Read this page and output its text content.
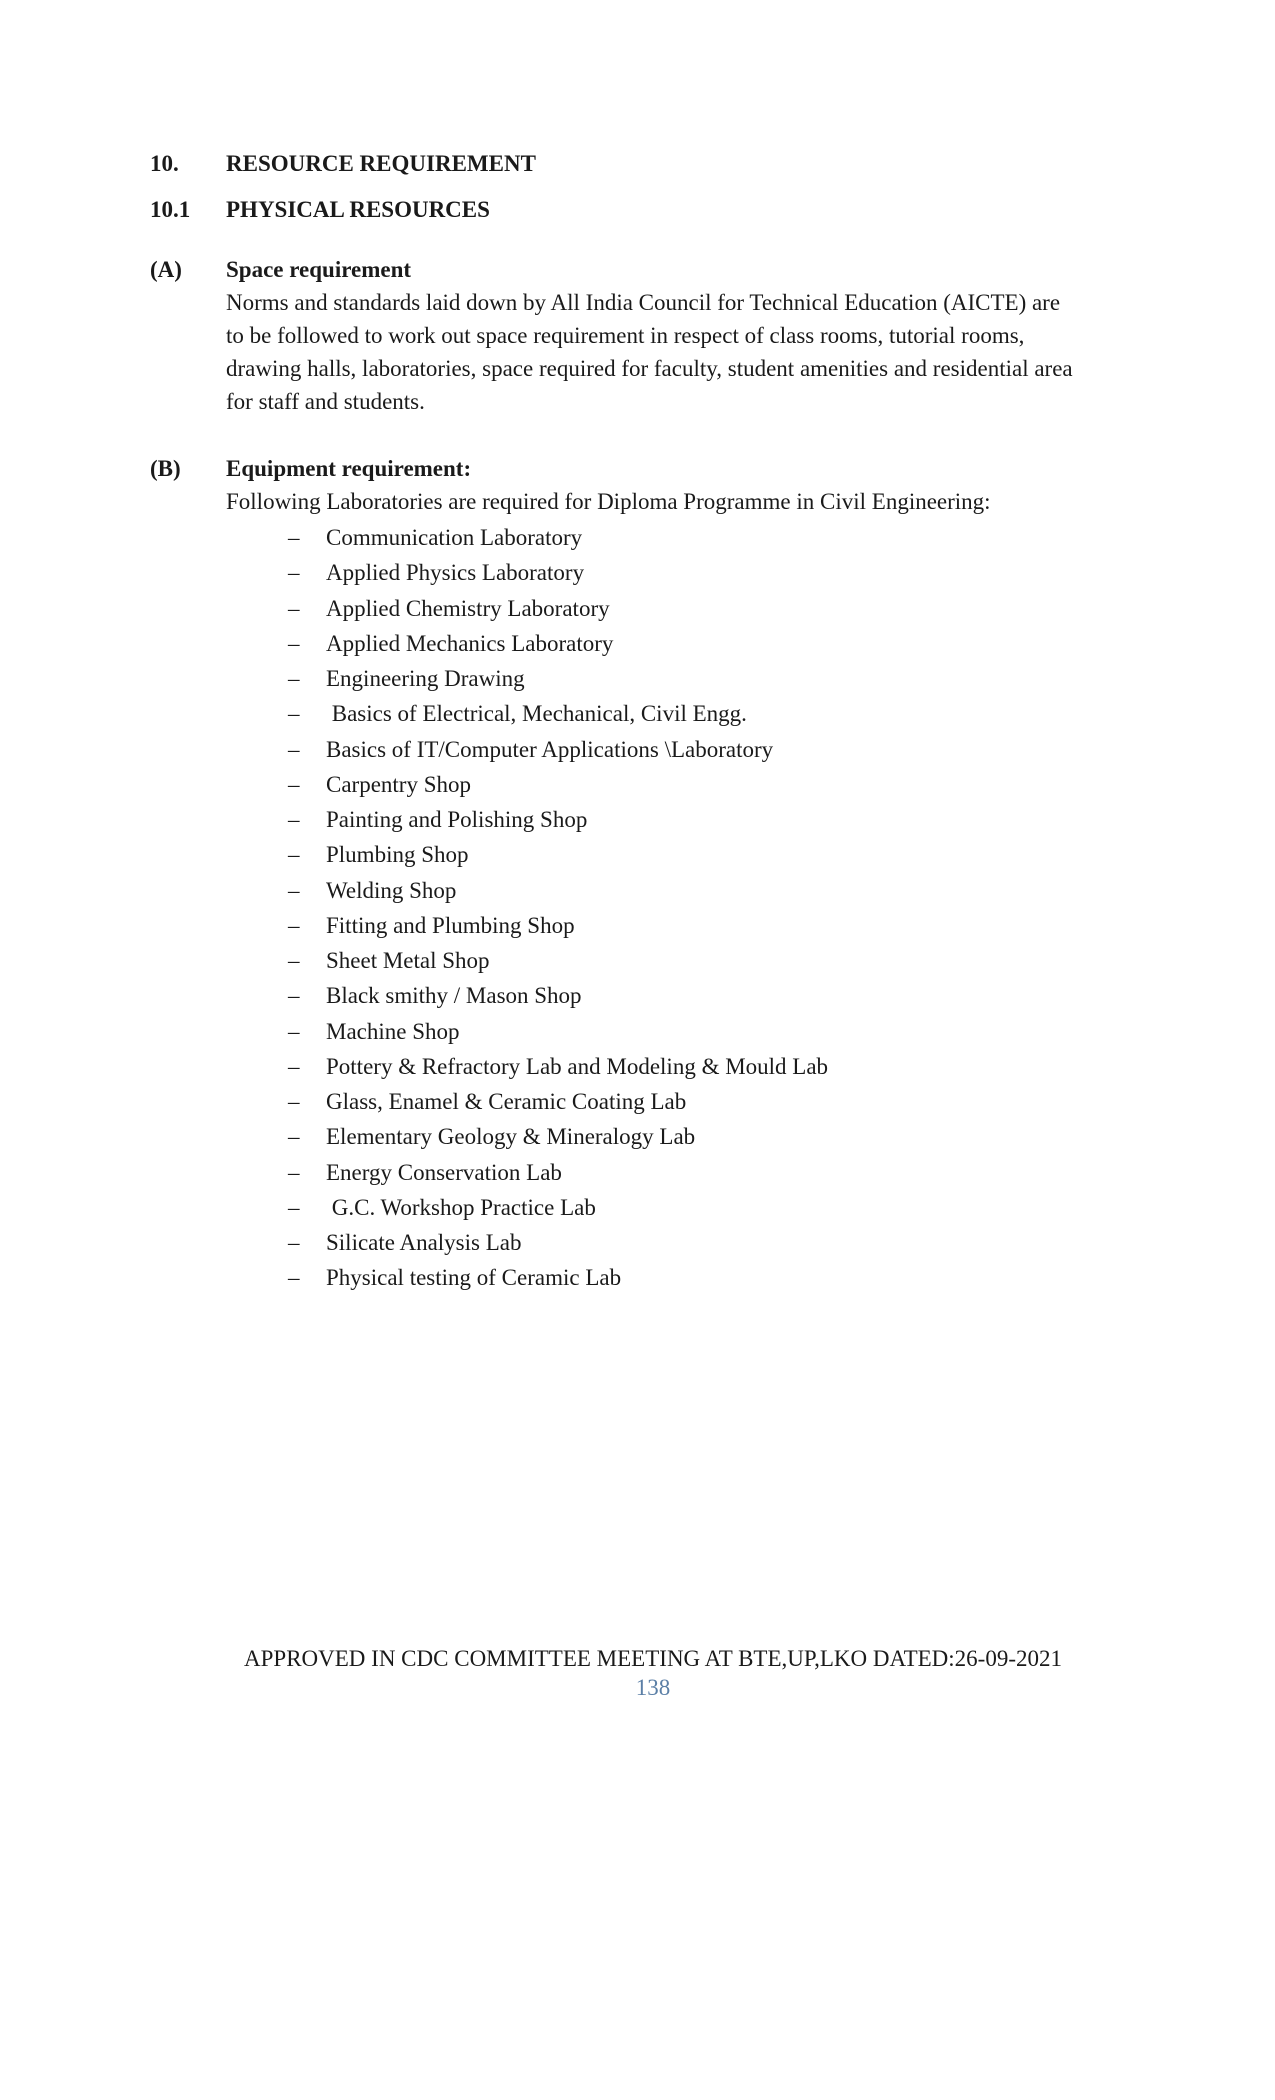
10. RESOURCE REQUIREMENT
10.1 PHYSICAL RESOURCES
(A) Space requirement
Norms and standards laid down by All India Council for Technical Education (AICTE) are
to be followed to work out space requirement in respect of class rooms, tutorial rooms,
drawing halls, laboratories, space required for faculty, student amenities and residential area
for staff and students.
(B) Equipment requirement:
Following Laboratories are required for Diploma Programme in Civil Engineering:
– Communication Laboratory
– Applied Physics Laboratory
– Applied Chemistry Laboratory
– Applied Mechanics Laboratory
– Engineering Drawing
– Basics of Electrical, Mechanical, Civil Engg.
– Basics of IT/Computer Applications \Laboratory
– Carpentry Shop
– Painting and Polishing Shop
– Plumbing Shop
– Welding Shop
– Fitting and Plumbing Shop
– Sheet Metal Shop
– Black smithy / Mason Shop
– Machine Shop
– Pottery & Refractory Lab and Modeling & Mould Lab
– Glass, Enamel & Ceramic Coating Lab
– Elementary Geology & Mineralogy Lab
– Energy Conservation Lab
– G.C. Workshop Practice Lab
– Silicate Analysis Lab
– Physical testing of Ceramic Lab
APPROVED IN CDC COMMITTEE MEETING AT BTE,UP,LKO DATED:26-09-2021
138
